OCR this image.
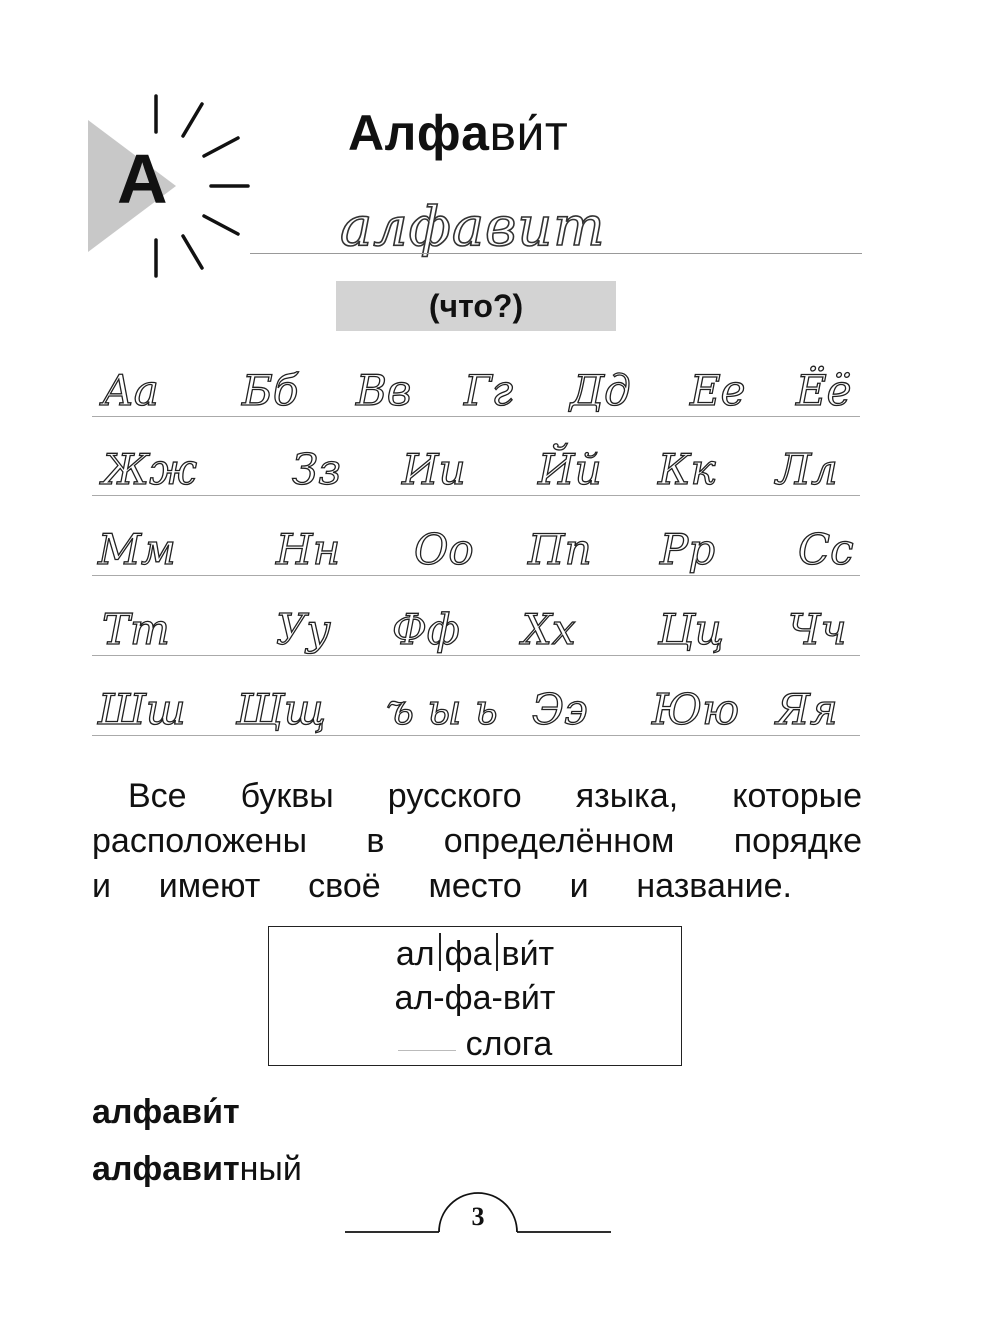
А
Алфави́т
алфавит
(что?)
Аа Бб Вв Гг Дд Ее Ёё
Жж Зз Ии Йй Кк Лл
Мм Нн Оо Пп Рр Сс
Тт	Уу Фф Хх Цц Чч
Шш Щщ ъ ы ь Ээ Юю Яя
Все буквы русского языка, которые
расположены в определённом порядке
и имеют своё место и название.
ал фа ви́т
ал-фа-ви́т
слога
алфави́т
алфавитный
3
